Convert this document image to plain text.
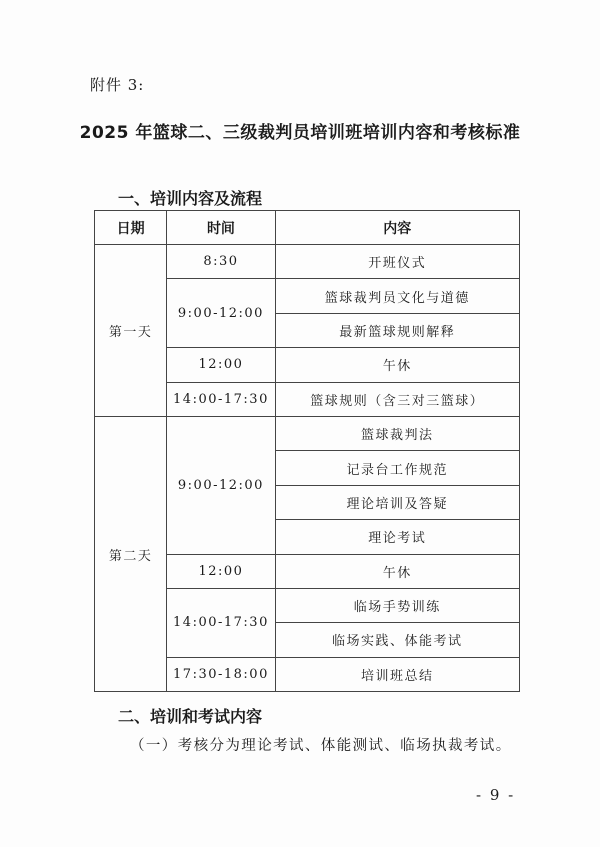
附件 3:
2025 年篮球二、三级裁判员培训班培训内容和考核标准
一、培训内容及流程
日期	时间	内容
第一天	8:30	开班仪式
	9:00-12:00	篮球裁判员文化与道德
		最新篮球规则解释
	12:00	午休
	14:00-17:30	篮球规则（含三对三篮球）
第二天	9:00-12:00	篮球裁判法
		记录台工作规范
		理论培训及答疑
		理论考试
	12:00	午休
	14:00-17:30	临场手势训练
		临场实践、体能考试
	17:30-18:00	培训班总结
二、培训和考试内容
（一）考核分为理论考试、体能测试、临场执裁考试。
- 9 -
